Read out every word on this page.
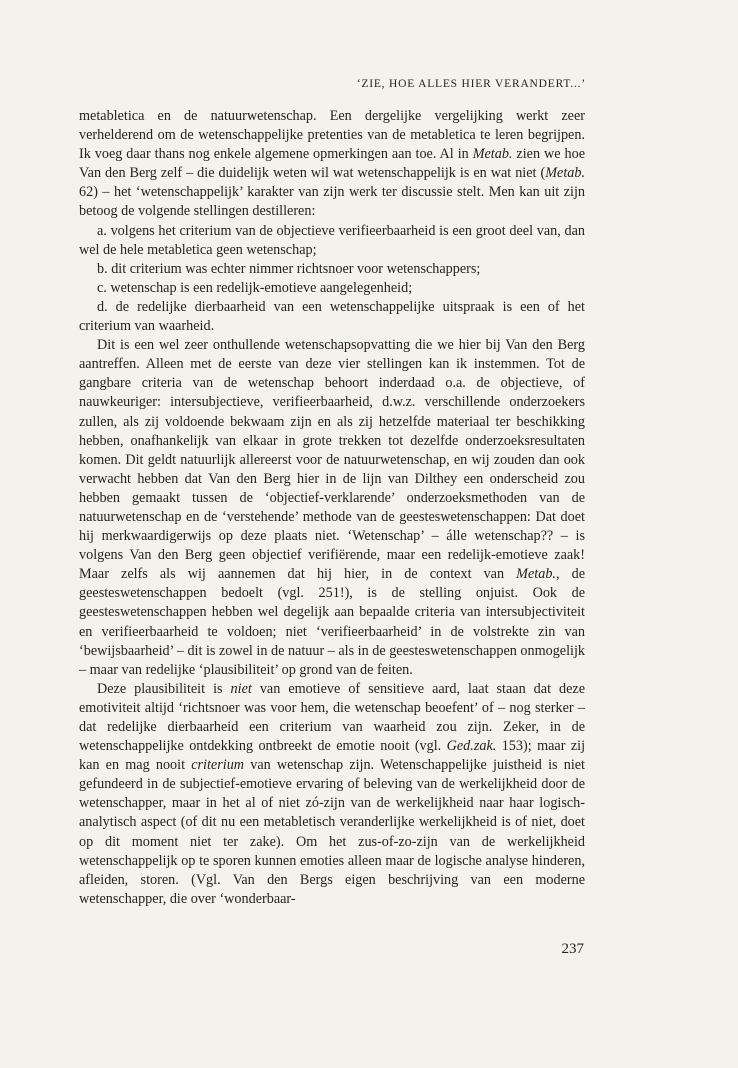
‘ZIE, HOE ALLES HIER VERANDERT...’

metabletica en de natuurwetenschap. Een dergelijke vergelijking werkt zeer verhelderend om de wetenschappelijke pretenties van de metabletica te leren begrijpen. Ik voeg daar thans nog enkele algemene opmerkingen aan toe. Al in Metab. zien we hoe Van den Berg zelf – die duidelijk weten wil wat wetenschappelijk is en wat niet (Metab. 62) – het ‘wetenschappelijk’ karakter van zijn werk ter discussie stelt. Men kan uit zijn betoog de volgende stellingen destilleren:

a. volgens het criterium van de objectieve verifieerbaarheid is een groot deel van, dan wel de hele metabletica geen wetenschap;

b. dit criterium was echter nimmer richtsnoer voor wetenschappers;

c. wetenschap is een redelijk-emotieve aangelegenheid;

d. de redelijke dierbaarheid van een wetenschappelijke uitspraak is een of het criterium van waarheid.

Dit is een wel zeer onthullende wetenschapsopvatting die we hier bij Van den Berg aantreffen. Alleen met de eerste van deze vier stellingen kan ik instemmen. Tot de gangbare criteria van de wetenschap behoort inderdaad o.a. de objectieve, of nauwkeuriger: intersubjectieve, verifieerbaarheid, d.w.z. verschillende onderzoekers zullen, als zij voldoende bekwaam zijn en als zij hetzelfde materiaal ter beschikking hebben, onafhankelijk van elkaar in grote trekken tot dezelfde onderzoeksresultaten komen. Dit geldt natuurlijk allereerst voor de natuurwetenschap, en wij zouden dan ook verwacht hebben dat Van den Berg hier in de lijn van Dilthey een onderscheid zou hebben gemaakt tussen de ‘objectief-verklarende’ onderzoeksmethoden van de natuurwetenschap en de ‘verstehende’ methode van de geesteswetenschappen: Dat doet hij merkwaardigerwijs op deze plaats niet. ‘Wetenschap’ – álle wetenschap?? – is volgens Van den Berg geen objectief verifiërende, maar een redelijk-emotieve zaak! Maar zelfs als wij aannemen dat hij hier, in de context van Metab., de geesteswetenschappen bedoelt (vgl. 251!), is de stelling onjuist. Ook de geesteswetenschappen hebben wel degelijk aan bepaalde criteria van intersubjectiviteit en verifieerbaarheid te voldoen; niet ‘verifieerbaarheid’ in de volstrekte zin van ‘bewijsbaarheid’ – dit is zowel in de natuur – als in de geesteswetenschappen onmogelijk – maar van redelijke ‘plausibiliteit’ op grond van de feiten.

Deze plausibiliteit is niet van emotieve of sensitieve aard, laat staan dat deze emotiviteit altijd ‘richtsnoer was voor hem, die wetenschap beoefent’ of – nog sterker – dat redelijke dierbaarheid een criterium van waarheid zou zijn. Zeker, in de wetenschappelijke ontdekking ontbreekt de emotie nooit (vgl. Ged.zak. 153); maar zij kan en mag nooit criterium van wetenschap zijn. Wetenschappelijke juistheid is niet gefundeerd in de subjectief-emotieve ervaring of beleving van de werkelijkheid door de wetenschapper, maar in het al of niet zó-zijn van de werkelijkheid naar haar logisch-analytisch aspect (of dit nu een metabletisch veranderlijke werkelijkheid is of niet, doet op dit moment niet ter zake). Om het zus-of-zo-zijn van de werkelijkheid wetenschappelijk op te sporen kunnen emoties alleen maar de logische analyse hinderen, afleiden, storen. (Vgl. Van den Bergs eigen beschrijving van een moderne wetenschapper, die over ‘wonderbaar-

237
